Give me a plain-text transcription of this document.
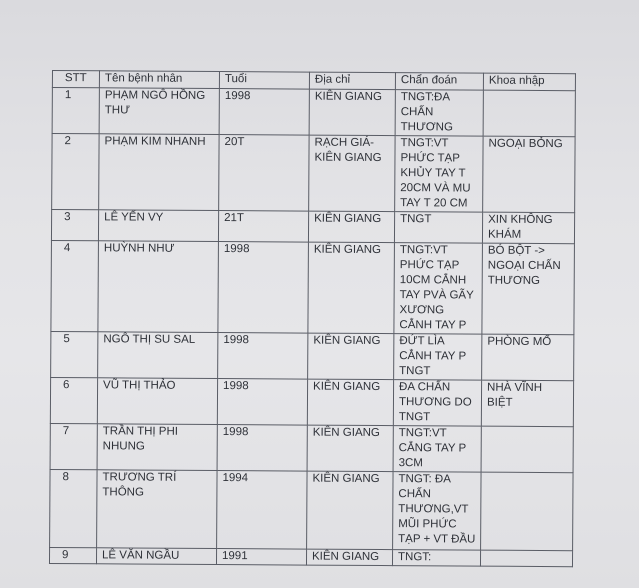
STT	Tên bệnh nhân	Tuổi	Địa chỉ	Chẩn đoán	Khoa nhập
1	PHẠM NGÔ HỒNG THƯ	1998	KIÊN GIANG	TNGT:ĐA CHẤN THƯƠNG	
2	PHẠM KIM NHANH	20T	RẠCH GIÁ-KIÊN GIANG	TNGT:VT PHỨC TẠP KHỦY TAY T 20CM VÀ MU TAY T 20 CM	NGOẠI BỎNG
3	LÊ YẾN VY	21T	KIÊN GIANG	TNGT	XIN KHÔNG KHÁM
4	HUỲNH NHƯ	1998	KIÊN GIANG	TNGT:VT PHỨC TẠP 10CM CẲNH TAY PVÀ GÃY XƯƠNG CẲNH TAY P	BÓ BỘT -> NGOẠI CHẤN THƯƠNG
5	NGÔ THỊ SU SAL	1998	KIÊN GIANG	ĐỨT LÌA CẲNH TAY P TNGT	PHÒNG MỔ
6	VŨ THỊ THẢO	1998	KIÊN GIANG	ĐA CHẤN THƯƠNG DO TNGT	NHÀ VĨNH BIỆT
7	TRẦN THỊ PHI NHUNG	1998	KIÊN GIANG	TNGT:VT CẲNG TAY P 3CM	
8	TRƯƠNG TRÍ THÔNG	1994	KIÊN GIANG	TNGT: ĐA CHẤN THƯƠNG,VT MŨI PHỨC TẠP + VT ĐẦU	
9	LÊ VĂN NGẦU	1991	KIÊN GIANG	TNGT:	
